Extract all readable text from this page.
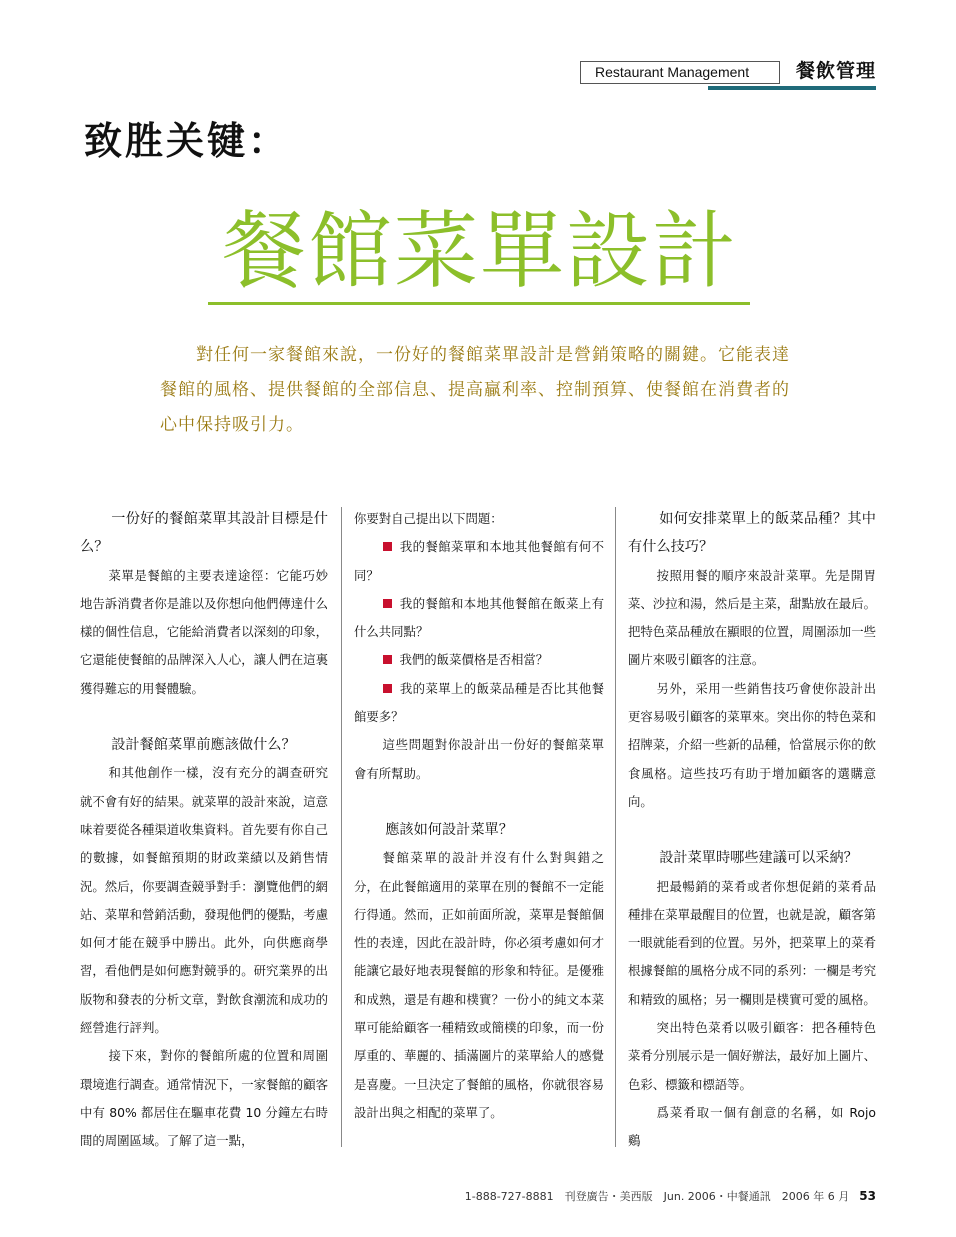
Restaurant Management	餐飲管理
致胜关键：
餐館菜單設計
對任何一家餐館來說，一份好的餐館菜單設計是營銷策略的關鍵。它能表達餐館的風格、提供餐館的全部信息、提高贏利率、控制預算、使餐館在消費者的心中保持吸引力。

一份好的餐館菜單其設計目標是什么？

菜單是餐館的主要表達途徑：它能巧妙地告訴消費者你是誰以及你想向他們傳達什么樣的個性信息，它能給消費者以深刻的印象，它還能使餐館的品牌深入人心，讓人們在這裏獲得難忘的用餐體驗。

設計餐館菜單前應該做什么？

和其他創作一樣，沒有充分的調查研究就不會有好的結果。就菜單的設計來說，這意味着要從各種渠道收集資料。首先要有你自己的數據，如餐館預期的財政業績以及銷售情況。然后，你要調查競爭對手：瀏覽他們的網站、菜單和營銷活動，發現他們的優點，考慮如何才能在競爭中勝出。此外，向供應商學習，看他們是如何應對競爭的。研究業界的出版物和發表的分析文章，對飲食潮流和成功的經營進行評判。

接下來，對你的餐館所處的位置和周圍環境進行調查。通常情況下，一家餐館的顧客中有 80% 都居住在驅車花費 10 分鐘左右時間的周圍區域。了解了這一點，

你要對自己提出以下問題：

我的餐館菜單和本地其他餐館有何不同？

我的餐館和本地其他餐館在飯菜上有什么共同點？

我們的飯菜價格是否相當？

我的菜單上的飯菜品種是否比其他餐館要多？

這些問題對你設計出一份好的餐館菜單會有所幫助。

應該如何設計菜單？

餐館菜單的設計并沒有什么對與錯之分，在此餐館適用的菜單在別的餐館不一定能行得通。然而，正如前面所說，菜單是餐館個性的表達，因此在設計時，你必須考慮如何才能讓它最好地表現餐館的形象和特征。是優雅和成熟，還是有趣和樸實？一份小的純文本菜單可能給顧客一種精致或簡樸的印象，而一份厚重的、華麗的、插滿圖片的菜單給人的感覺是喜慶。一旦決定了餐館的風格，你就很容易設計出與之相配的菜單了。

如何安排菜單上的飯菜品種？其中有什么技巧？

按照用餐的順序來設計菜單。先是開胃菜、沙拉和湯，然后是主菜，甜點放在最后。把特色菜品種放在顯眼的位置，周圍添加一些圖片來吸引顧客的注意。

另外，采用一些銷售技巧會使你設計出更容易吸引顧客的菜單來。突出你的特色菜和招牌菜，介紹一些新的品種，恰當展示你的飲食風格。這些技巧有助于增加顧客的選購意向。

設計菜單時哪些建議可以采納？

把最暢銷的菜肴或者你想促銷的菜肴品種排在菜單最醒目的位置，也就是說，顧客第一眼就能看到的位置。另外，把菜單上的菜肴根據餐館的風格分成不同的系列：一欄是考究和精致的風格；另一欄則是樸實可愛的風格。

突出特色菜肴以吸引顧客：把各種特色菜肴分別展示是一個好辦法，最好加上圖片、色彩、標籤和標語等。

爲菜肴取一個有創意的名稱，如 Rojo 鷄

1-888-727-8881　刊登廣告・美西版　Jun. 2006・中餐通訊　2006 年 6 月 53
